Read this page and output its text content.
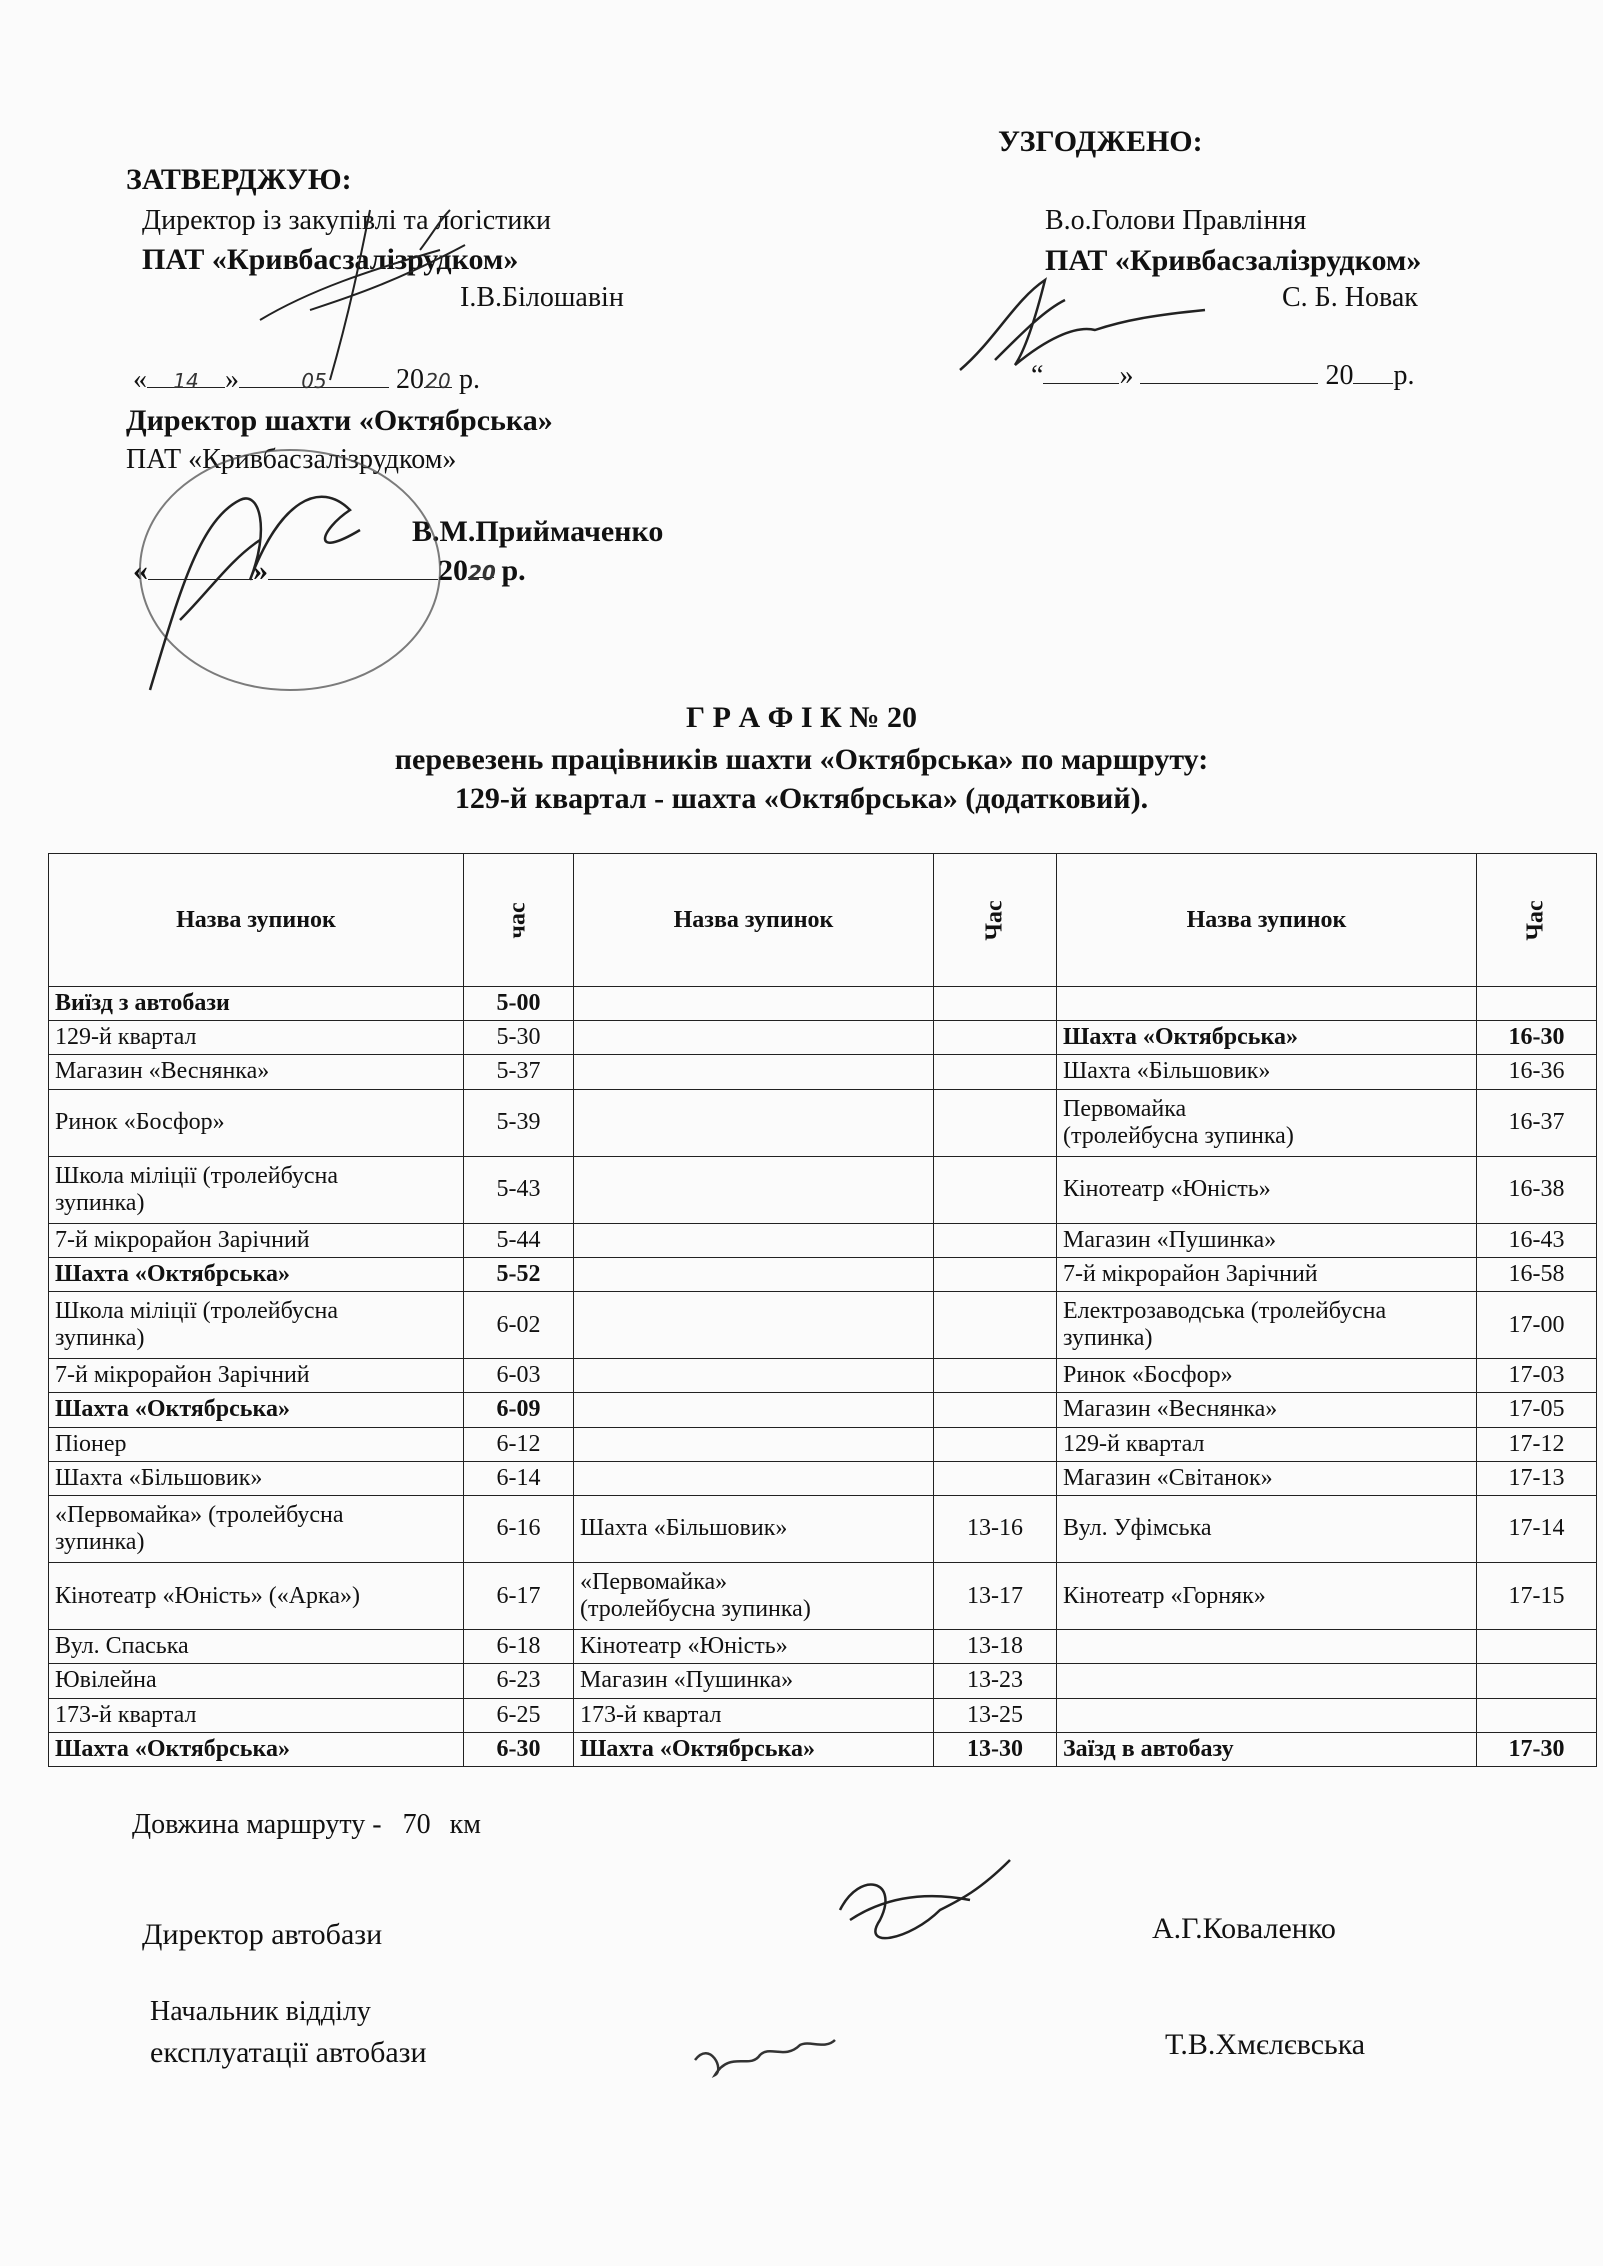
ЗАТВЕРДЖУЮ:
Директор із закупівлі та логістики
ПАТ «Кривбасзалізрудком»
І.В.Білошавін
« 14 »	05 2020 р.
Директор шахти «Октябрська»
ПАТ «Кривбасзалізрудком»
В.М.Приймаченко
«	»	2020 р.
УЗГОДЖЕНО:
В.о.Голови Правління
ПАТ «Кривбасзалізрудком»
С. Б. Новак
“	»	20 р.
Г Р А Ф І К № 20
перевезень працівників шахти «Октябрська» по маршруту:
129-й квартал - шахта «Октябрська» (додатковий).
Назва зупинок	час	Назва зупинок	Час	Назва зупинок	Час
Виїзд з автобази	5-00				
129-й квартал	5-30			Шахта «Октябрська»	16-30
Магазин «Веснянка»	5-37			Шахта «Більшовик»	16-36
Ринок «Босфор»	5-39			Первомайка
(тролейбусна зупинка)	16-37
Школа міліції (тролейбусна
зупинка)	5-43			Кінотеатр «Юність»	16-38
7-й мікрорайон Зарічний	5-44			Магазин «Пушинка»	16-43
Шахта «Октябрська»	5-52			7-й мікрорайон Зарічний	16-58
Школа міліції (тролейбусна
зупинка)	6-02			Електрозаводська (тролейбусна
зупинка)	17-00
7-й мікрорайон Зарічний	6-03			Ринок «Босфор»	17-03
Шахта «Октябрська»	6-09			Магазин «Веснянка»	17-05
Піонер	6-12			129-й квартал	17-12
Шахта «Більшовик»	6-14			Магазин «Світанок»	17-13
«Первомайка» (тролейбусна
зупинка)	6-16	Шахта «Більшовик»	13-16	Вул. Уфімська	17-14
Кінотеатр «Юність» («Арка»)	6-17	«Первомайка»
(тролейбусна зупинка)	13-17	Кінотеатр «Горняк»	17-15
Вул. Спаська	6-18	Кінотеатр «Юність»	13-18		
Ювілейна	6-23	Магазин «Пушинка»	13-23		
173-й квартал	6-25	173-й квартал	13-25		
Шахта «Октябрська»	6-30	Шахта «Октябрська»	13-30	Заїзд в автобазу	17-30
Довжина маршруту - 70 км
Директор автобази	А.Г.Коваленко
Начальник відділу
експлуатації автобази	Т.В.Хмєлєвська
